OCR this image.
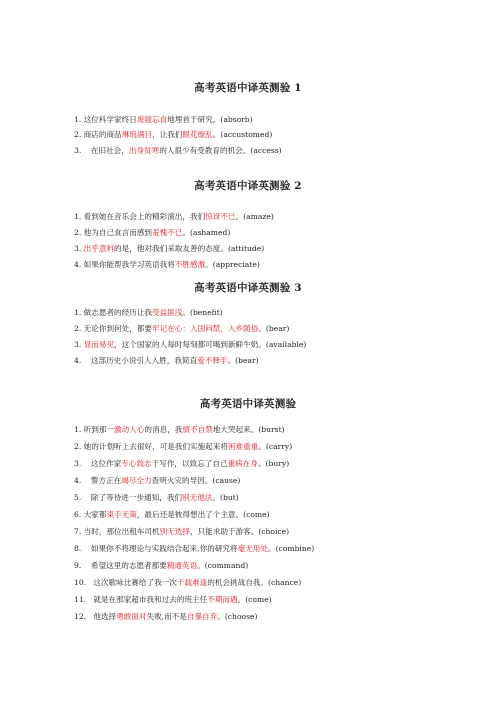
高考英语中译英测验 1
1. 这位科学家终日废寝忘食地埋首于研究。(absorb)
2. 商店的商品琳琅满目，让我们眼花缭乱。(accustomed)
3. 在旧社会，出身贫寒的人很少有受教育的机会。(access)
高考英语中译英测验 2
1. 看到她在音乐会上的精彩演出，我们惊讶不已。(amaze)
2. 他为自己食言而感到羞愧不已。(ashamed)
3. 出乎意料的是，他对我们采取友善的态度。(attitude)
4. 如果你能帮我学习英语我将不胜感激。(appreciate)
高考英语中译英测验 3
1. 做志愿者的经历让我受益匪浅。(benefit)
2. 无论你到何处，都要牢记在心：入国问禁，入乡随俗。(bear)
3. 显而易见，这个国家的人每时每刻都可喝到新鲜牛奶。(available)
4. 这部历史小说引人入胜，我简直爱不释手。(bear)
高考英语中译英测验
1. 听到那一激动人心的消息，我情不自禁地大哭起来。(burst)
2. 她的计划听上去很好，可是我们实施起来将困难重重。(carry)
3. 这位作家专心致志于写作，以致忘了自己重病在身。(bury)
4. 警方正在竭尽全力查明火灾的导因。(cause)
5. 除了等待进一步通知，我们别无他法。(but)
6. 大家都束手无策，最后还是彼得想出了个主意。(come)
7. 当时，那位出租车司机别无选择，只能求助于游客。(choice)
8. 如果你不将理论与实践结合起来,你的研究将毫无用处。(combine)
9. 希望这里的志愿者都要精通英语。(command)
10. 这次歌咏比赛给了我一次千载难逢的机会挑战自我。(chance)
11. 就是在那家超市我和过去的班主任不期而遇。(come)
12. 他选择勇敢面对失败,而不是自暴自弃。(choose)
